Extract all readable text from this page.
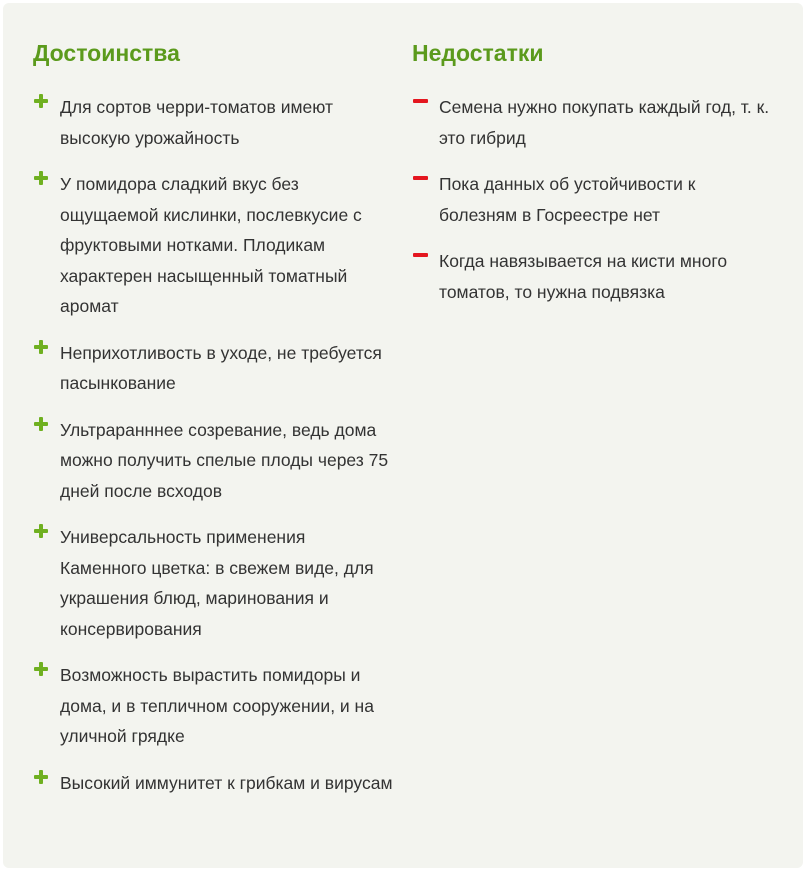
Достоинства
Для сортов черри-томатов имеют высокую урожайность
У помидора сладкий вкус без ощущаемой кислинки, послевкусие с фруктовыми нотками. Плодикам характерен насыщенный томатный аромат
Неприхотливость в уходе, не требуется пасынкование
Ультраранннее созревание, ведь дома можно получить спелые плоды через 75 дней после всходов
Универсальность применения Каменного цветка: в свежем виде, для украшения блюд, маринования и консервирования
Возможность вырастить помидоры и дома, и в тепличном сооружении, и на уличной грядке
Высокий иммунитет к грибкам и вирусам
Недостатки
Семена нужно покупать каждый год, т. к. это гибрид
Пока данных об устойчивости к болезням в Госреестре нет
Когда навязывается на кисти много томатов, то нужна подвязка
